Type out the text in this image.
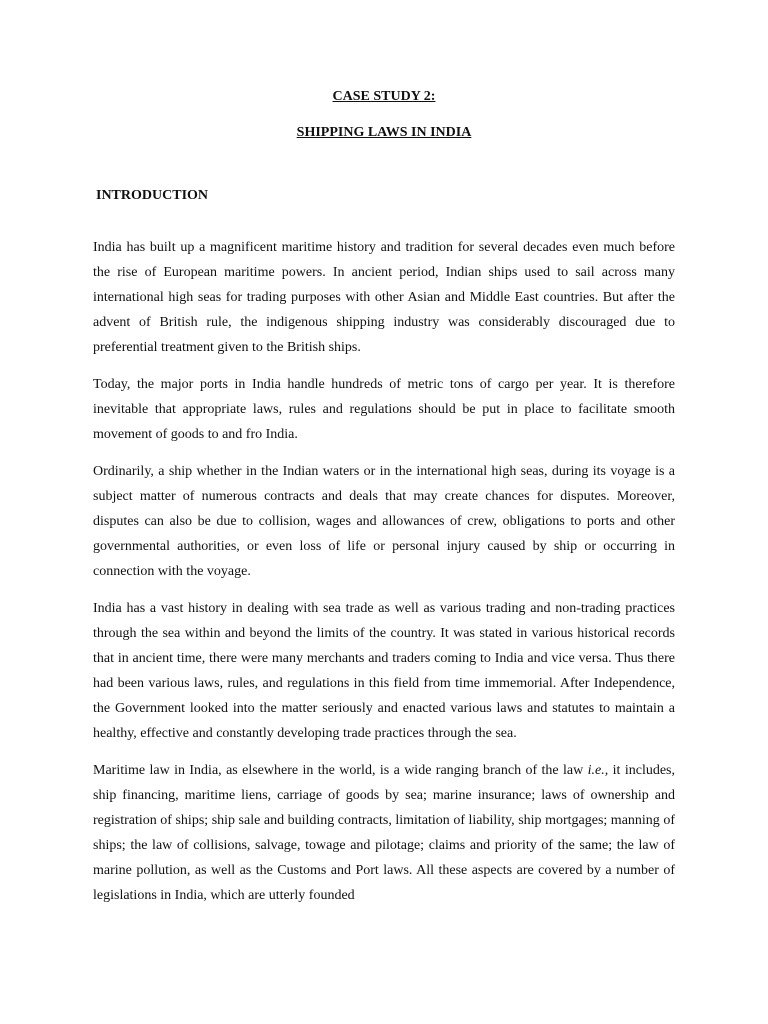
CASE STUDY 2:

SHIPPING LAWS IN INDIA

INTRODUCTION

India has built up a magnificent maritime history and tradition for several decades even much before the rise of European maritime powers. In ancient period, Indian ships used to sail across many international high seas for trading purposes with other Asian and Middle East countries. But after the advent of British rule, the indigenous shipping industry was considerably discouraged due to preferential treatment given to the British ships.

Today, the major ports in India handle hundreds of metric tons of cargo per year. It is therefore inevitable that appropriate laws, rules and regulations should be put in place to facilitate smooth movement of goods to and fro India.

Ordinarily, a ship whether in the Indian waters or in the international high seas, during its voyage is a subject matter of numerous contracts and deals that may create chances for disputes. Moreover, disputes can also be due to collision, wages and allowances of crew, obligations to ports and other governmental authorities, or even loss of life or personal injury caused by ship or occurring in connection with the voyage.

India has a vast history in dealing with sea trade as well as various trading and non-trading practices through the sea within and beyond the limits of the country. It was stated in various historical records that in ancient time, there were many merchants and traders coming to India and vice versa. Thus there had been various laws, rules, and regulations in this field from time immemorial. After Independence, the Government looked into the matter seriously and enacted various laws and statutes to maintain a healthy, effective and constantly developing trade practices through the sea.

Maritime law in India, as elsewhere in the world, is a wide ranging branch of the law i.e., it includes, ship financing, maritime liens, carriage of goods by sea; marine insurance; laws of ownership and registration of ships; ship sale and building contracts, limitation of liability, ship mortgages; manning of ships; the law of collisions, salvage, towage and pilotage; claims and priority of the same; the law of marine pollution, as well as the Customs and Port laws. All these aspects are covered by a number of legislations in India, which are utterly founded
